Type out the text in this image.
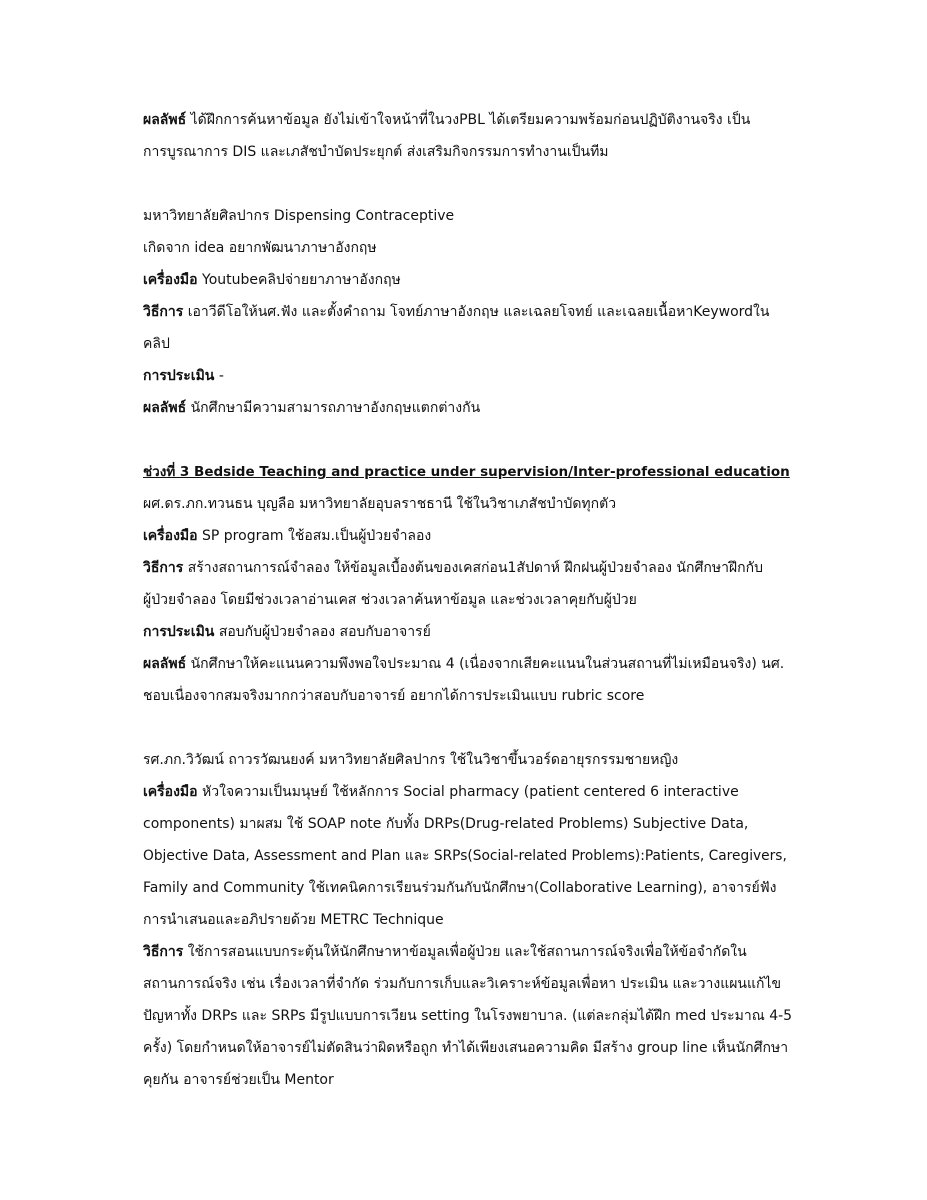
ผลลัพธ์ ได้ฝึกการค้นหาข้อมูล ยังไม่เข้าใจหน้าที่ในวงPBL ได้เตรียมความพร้อมก่อนปฏิบัติงานจริง เป็น
การบูรณาการ DIS และเภสัชบำบัดประยุกต์ ส่งเสริมกิจกรรมการทำงานเป็นทีม
มหาวิทยาลัยศิลปากร Dispensing Contraceptive
เกิดจาก idea อยากพัฒนาภาษาอังกฤษ
เครื่องมือ Youtubeคลิปจ่ายยาภาษาอังกฤษ
วิธีการ เอาวีดีโอให้นศ.ฟัง และตั้งคำถาม โจทย์ภาษาอังกฤษ และเฉลยโจทย์ และเฉลยเนื้อหาKeywordใน
คลิป
การประเมิน -
ผลลัพธ์ นักศึกษามีความสามารถภาษาอังกฤษแตกต่างกัน
ช่วงที่ 3 Bedside Teaching and practice under supervision/Inter-professional education
ผศ.ดร.ภก.ทวนธน บุญลือ มหาวิทยาลัยอุบลราชธานี ใช้ในวิชาเภสัชบำบัดทุกตัว
เครื่องมือ SP program ใช้อสม.เป็นผู้ป่วยจำลอง
วิธีการ สร้างสถานการณ์จำลอง ให้ข้อมูลเบื้องต้นของเคสก่อน1สัปดาห์ ฝึกฝนผู้ป่วยจำลอง นักศึกษาฝึกกับ
ผู้ป่วยจำลอง โดยมีช่วงเวลาอ่านเคส ช่วงเวลาค้นหาข้อมูล และช่วงเวลาคุยกับผู้ป่วย
การประเมิน สอบกับผู้ป่วยจำลอง สอบกับอาจารย์
ผลลัพธ์ นักศึกษาให้คะแนนความพึงพอใจประมาณ 4 (เนื่องจากเสียคะแนนในส่วนสถานที่ไม่เหมือนจริง) นศ.
ชอบเนื่องจากสมจริงมากกว่าสอบกับอาจารย์ อยากได้การประเมินแบบ rubric score
รศ.ภก.วิวัฒน์ ถาวรวัฒนยงค์ มหาวิทยาลัยศิลปากร ใช้ในวิชาขึ้นวอร์ดอายุรกรรมชายหญิง
เครื่องมือ หัวใจความเป็นมนุษย์ ใช้หลักการ Social pharmacy (patient centered 6 interactive
components) มาผสม ใช้ SOAP note กับทั้ง DRPs(Drug-related Problems) Subjective Data,
Objective Data, Assessment and Plan และ SRPs(Social-related Problems):Patients, Caregivers,
Family and Community ใช้เทคนิคการเรียนร่วมกันกับนักศึกษา(Collaborative Learning), อาจารย์ฟัง
การนำเสนอและอภิปรายด้วย METRC Technique
วิธีการ ใช้การสอนแบบกระตุ้นให้นักศึกษาหาข้อมูลเพื่อผู้ป่วย และใช้สถานการณ์จริงเพื่อให้ข้อจำกัดใน
สถานการณ์จริง เช่น เรื่องเวลาที่จำกัด ร่วมกับการเก็บและวิเคราะห์ข้อมูลเพื่อหา ประเมิน และวางแผนแก้ไข
ปัญหาทั้ง DRPs และ SRPs มีรูปแบบการเวียน setting ในโรงพยาบาล. (แต่ละกลุ่มได้ฝึก med ประมาณ 4-5
ครั้ง) โดยกำหนดให้อาจารย์ไม่ตัดสินว่าผิดหรือถูก ทำได้เพียงเสนอความคิด มีสร้าง group line เห็นนักศึกษา
คุยกัน อาจารย์ช่วยเป็น Mentor
